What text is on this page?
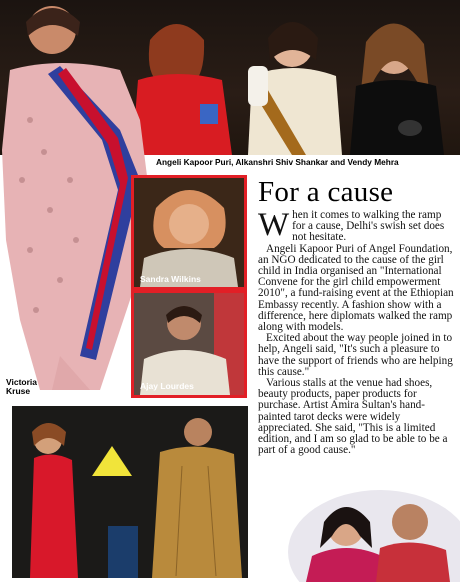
Victoria
Kruse
Angeli Kapoor Puri, Alkanshri Shiv Shankar and Vendy Mehra
Sandra Wilkins
Ajay Lourdes
For a cause

When it comes to walking the ramp for a cause, Delhi's swish set does not hesitate.

Angeli Kapoor Puri of Angel Foundation, an NGO dedicated to the cause of the girl child in India organised an "International Convene for the girl child empowerment 2010", a fund-raising event at the Ethiopian Embassy recently. A fashion show with a difference, here diplomats walked the ramp along with models.

Excited about the way people joined in to help, Angeli said, "It's such a pleasure to have the support of friends who are helping this cause."

Various stalls at the venue had shoes, beauty products, paper products for purchase. Artist Amira Sultan's hand-painted tarot decks were widely appreciated. She said, "This is a limited edition, and I am so glad to be able to be a part of a good cause."
